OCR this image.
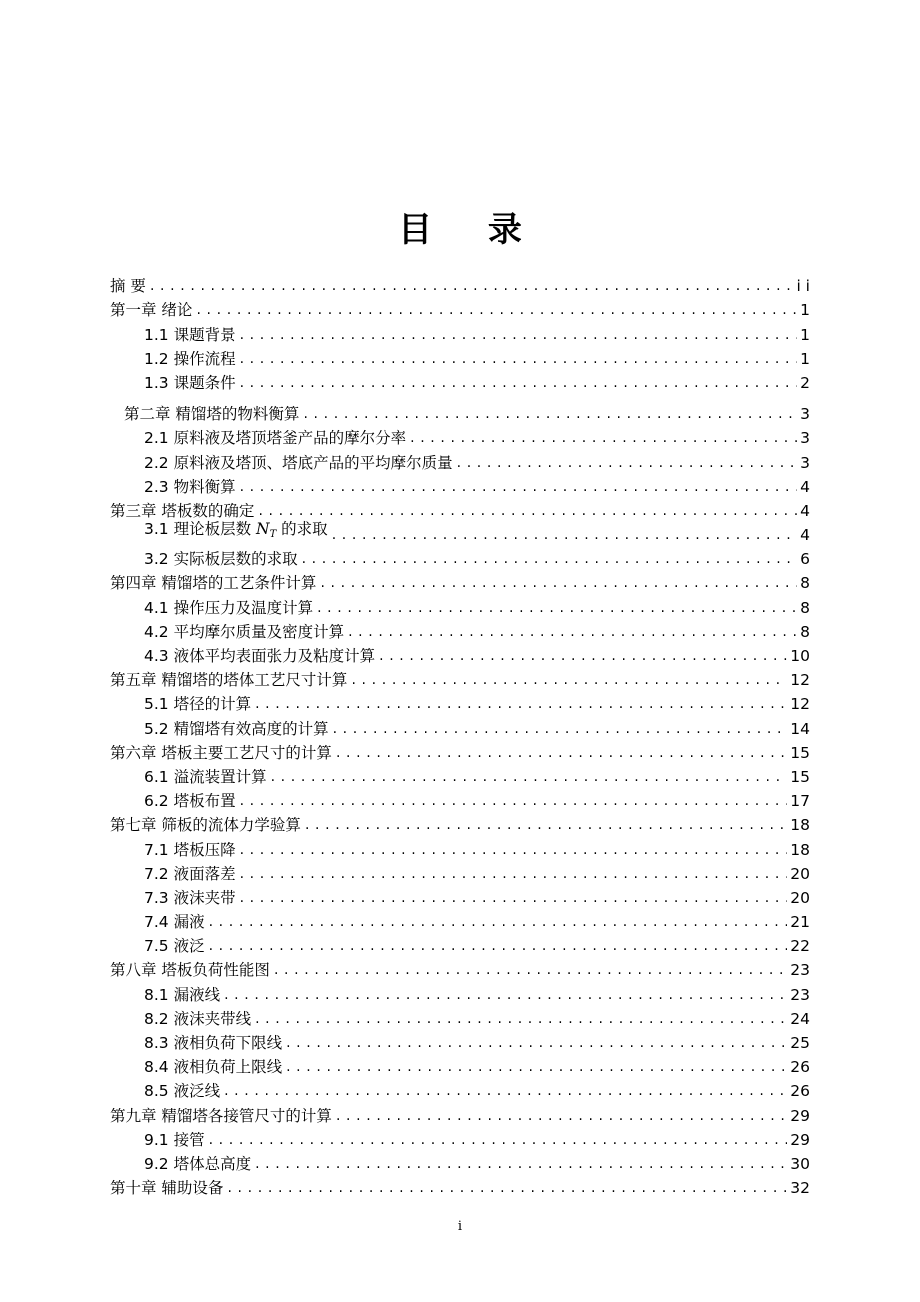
目 录
摘 要 . . .	i i
第一章 绪论 . . .	1
1.1 课题背景 . . .	1
1.2 操作流程 . . .	1
1.3 课题条件 . . .	2
第二章 精馏塔的物料衡算 . . .	3
2.1 原料液及塔顶塔釜产品的摩尔分率 . . .	3
2.2 原料液及塔顶、塔底产品的平均摩尔质量 . . .	3
2.3 物料衡算 . . .	4
第三章 塔板数的确定 . . .	4
3.1 理论板层数 NT 的求取 . . .	4
3.2 实际板层数的求取 . . .	6
第四章 精馏塔的工艺条件计算 . . .	8
4.1 操作压力及温度计算 . . .	8
4.2 平均摩尔质量及密度计算 . . .	8
4.3 液体平均表面张力及粘度计算 . . .	10
第五章 精馏塔的塔体工艺尺寸计算 . . .	12
5.1 塔径的计算 . . .	12
5.2 精馏塔有效高度的计算 . . .	14
第六章 塔板主要工艺尺寸的计算 . . .	15
6.1 溢流装置计算 . . .	15
6.2 塔板布置 . . .	17
第七章 筛板的流体力学验算 . . .	18
7.1 塔板压降 . . .	18
7.2 液面落差 . . .	20
7.3 液沫夹带 . . .	20
7.4 漏液 . . .	21
7.5 液泛 . . .	22
第八章 塔板负荷性能图 . . .	23
8.1 漏液线 . . .	23
8.2 液沫夹带线 . . .	24
8.3 液相负荷下限线 . . .	25
8.4 液相负荷上限线 . . .	26
8.5 液泛线 . . .	26
第九章 精馏塔各接管尺寸的计算 . . .	29
9.1 接管 . . .	29
9.2 塔体总高度 . . .	30
第十章 辅助设备 . . .	32
i
